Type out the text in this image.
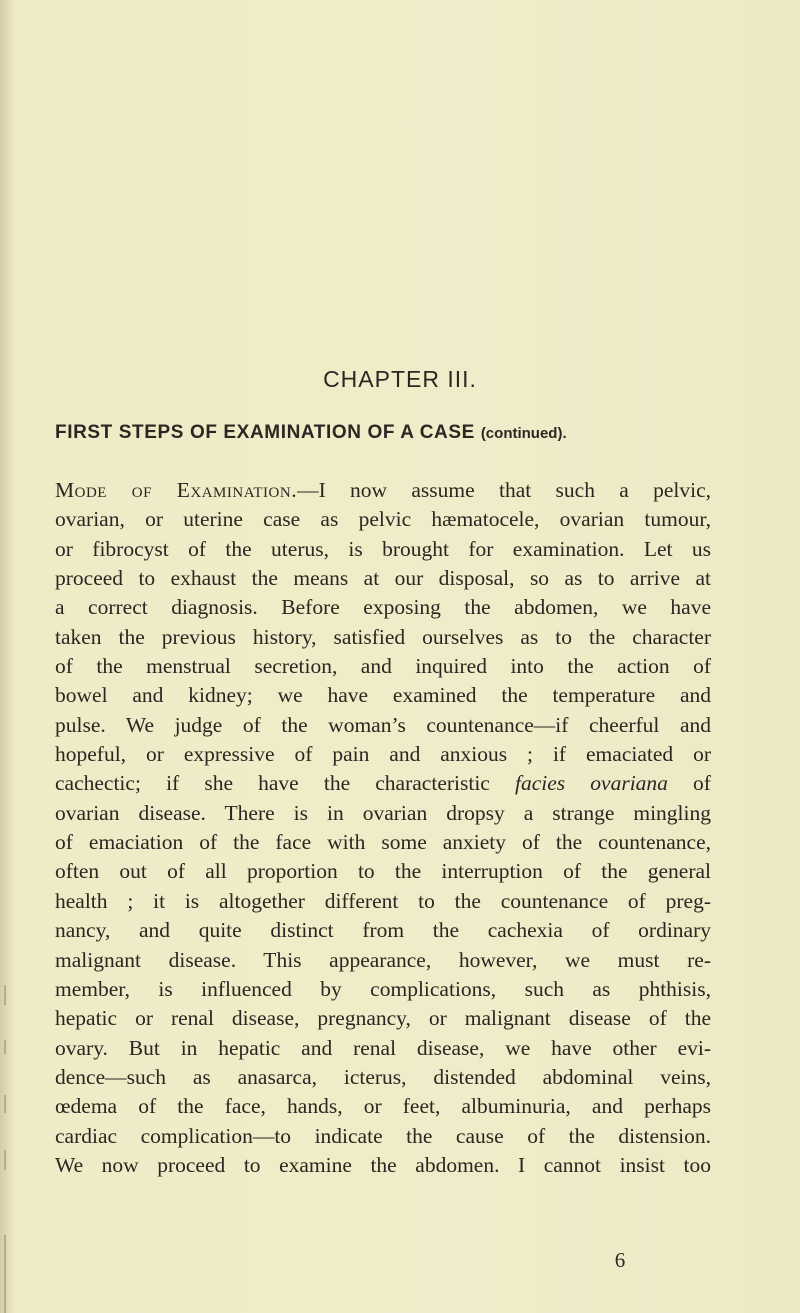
CHAPTER III.
FIRST STEPS OF EXAMINATION OF A CASE (continued).
Mode of Examination.—I now assume that such a pelvic,
ovarian, or uterine case as pelvic hæmatocele, ovarian tumour,
or fibrocyst of the uterus, is brought for examination. Let us
proceed to exhaust the means at our disposal, so as to arrive at
a correct diagnosis. Before exposing the abdomen, we have
taken the previous history, satisfied ourselves as to the character
of the menstrual secretion, and inquired into the action of
bowel and kidney; we have examined the temperature and
pulse. We judge of the woman’s countenance—if cheerful and
hopeful, or expressive of pain and anxious ; if emaciated or
cachectic; if she have the characteristic facies ovariana of
ovarian disease. There is in ovarian dropsy a strange mingling
of emaciation of the face with some anxiety of the countenance,
often out of all proportion to the interruption of the general
health ; it is altogether different to the countenance of preg-
nancy, and quite distinct from the cachexia of ordinary
malignant disease. This appearance, however, we must re-
member, is influenced by complications, such as phthisis,
hepatic or renal disease, pregnancy, or malignant disease of the
ovary. But in hepatic and renal disease, we have other evi-
dence—such as anasarca, icterus, distended abdominal veins,
œdema of the face, hands, or feet, albuminuria, and perhaps
cardiac complication—to indicate the cause of the distension.
We now proceed to examine the abdomen. I cannot insist too
6
